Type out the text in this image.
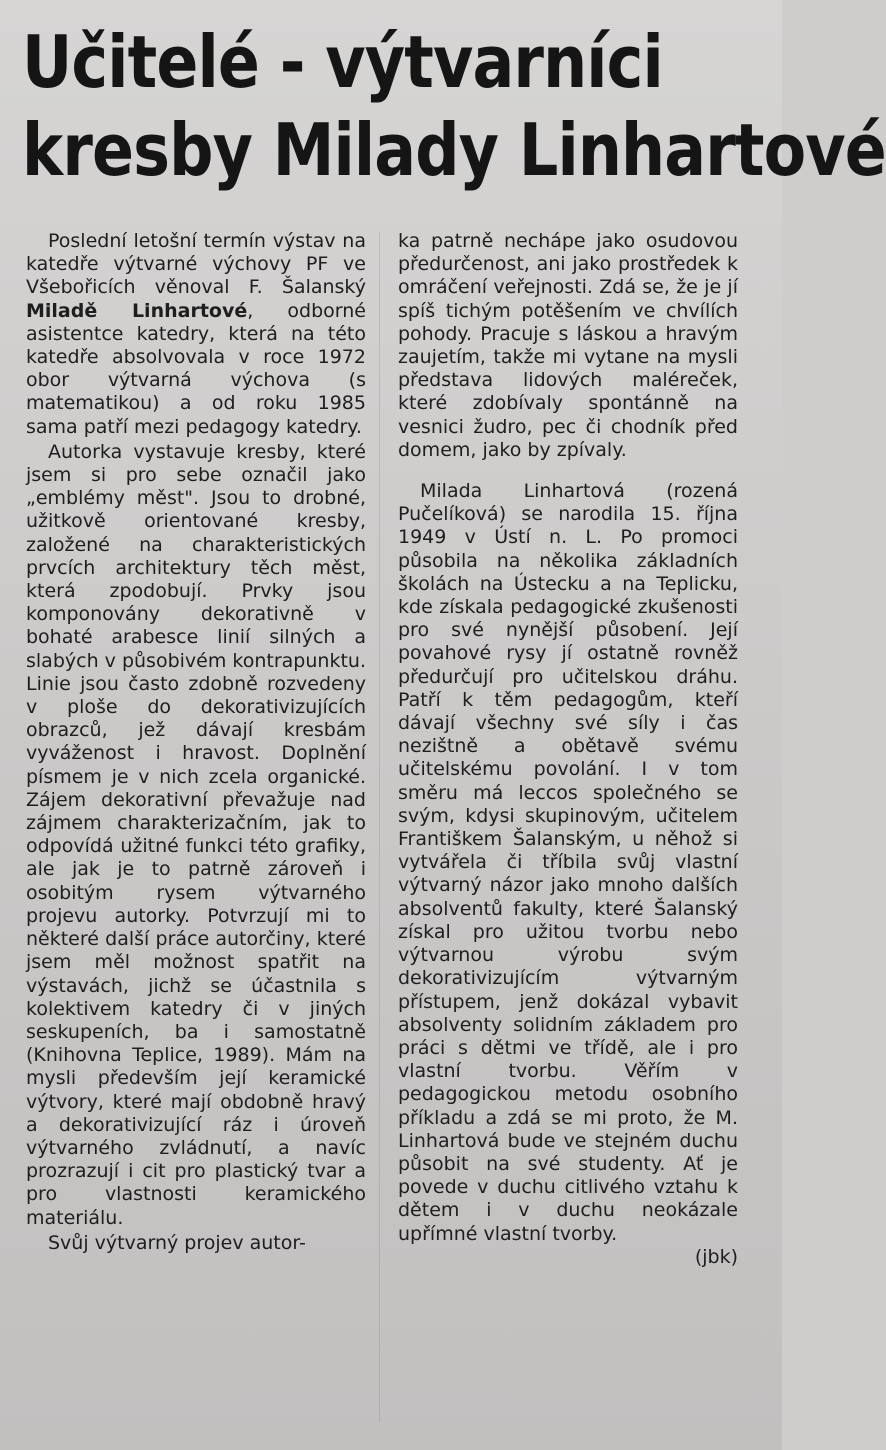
Učitelé - výtvarníci
kresby Milady Linhartové

Poslední letošní termín výstav na katedře výtvarné výchovy PF ve Všebořicích věnoval F. Šalanský Miladě Linhartové, odborné asistentce katedry, která na této katedře absolvovala v roce 1972 obor výtvarná výchova (s matematikou) a od roku 1985 sama patří mezi pedagogy katedry.

Autorka vystavuje kresby, které jsem si pro sebe označil jako „emblémy měst". Jsou to drobné, užitkově orientované kresby, založené na charakteristických prvcích architektury těch měst, která zpodobují. Prvky jsou komponovány dekorativně v bohaté arabesce linií silných a slabých v působivém kontrapunktu. Linie jsou často zdobně rozvedeny v ploše do dekorativizujících obrazců, jež dávají kresbám vyváženost i hravost. Doplnění písmem je v nich zcela organické. Zájem dekorativní převažuje nad zájmem charakterizačním, jak to odpovídá užitné funkci této grafiky, ale jak je to patrně zároveň i osobitým rysem výtvarného projevu autorky. Potvrzují mi to některé další práce autorčiny, které jsem měl možnost spatřit na výstavách, jichž se účastnila s kolektivem katedry či v jiných seskupeních, ba i samostatně (Knihovna Teplice, 1989). Mám na mysli především její keramické výtvory, které mají obdobně hravý a dekorativizující ráz i úroveň výtvarného zvládnutí, a navíc prozrazují i cit pro plastický tvar a pro vlastnosti keramického materiálu.

Svůj výtvarný projev autor-

ka patrně nechápe jako osudovou předurčenost, ani jako prostředek k omráčení veřejnosti. Zdá se, že je jí spíš tichým potěšením ve chvílích pohody. Pracuje s láskou a hravým zaujetím, takže mi vytane na mysli představa lidových malérеček, které zdobívaly spontánně na vesnici žudro, pec či chodník před domem, jako by zpívaly.

Milada Linhartová (rozená Pučelíková) se narodila 15. října 1949 v Ústí n. L. Po promoci působila na několika základních školách na Ústecku a na Teplicku, kde získala pedagogické zkušenosti pro své nynější působení. Její povahové rysy jí ostatně rovněž předurčují pro učitelskou dráhu. Patří k těm pedagogům, kteří dávají všechny své síly i čas nezištně a obětavě svému učitelskému povolání. I v tom směru má leccos společného se svým, kdysi skupinovým, učitelem Františkem Šalanským, u něhož si vytvářela či tříbila svůj vlastní výtvarný názor jako mnoho dalších absolventů fakulty, které Šalanský získal pro užitou tvorbu nebo výtvarnou výrobu svým dekorativizujícím výtvarným přístupem, jenž dokázal vybavit absolventy solidním základem pro práci s dětmi ve třídě, ale i pro vlastní tvorbu. Věřím v pedagogickou metodu osobního příkladu a zdá se mi proto, že M. Linhartová bude ve stejném duchu působit na své studenty. Ať je povede v duchu citlivého vztahu k dětem i v duchu neokázale upřímné vlastní tvorby.

(jbk)
